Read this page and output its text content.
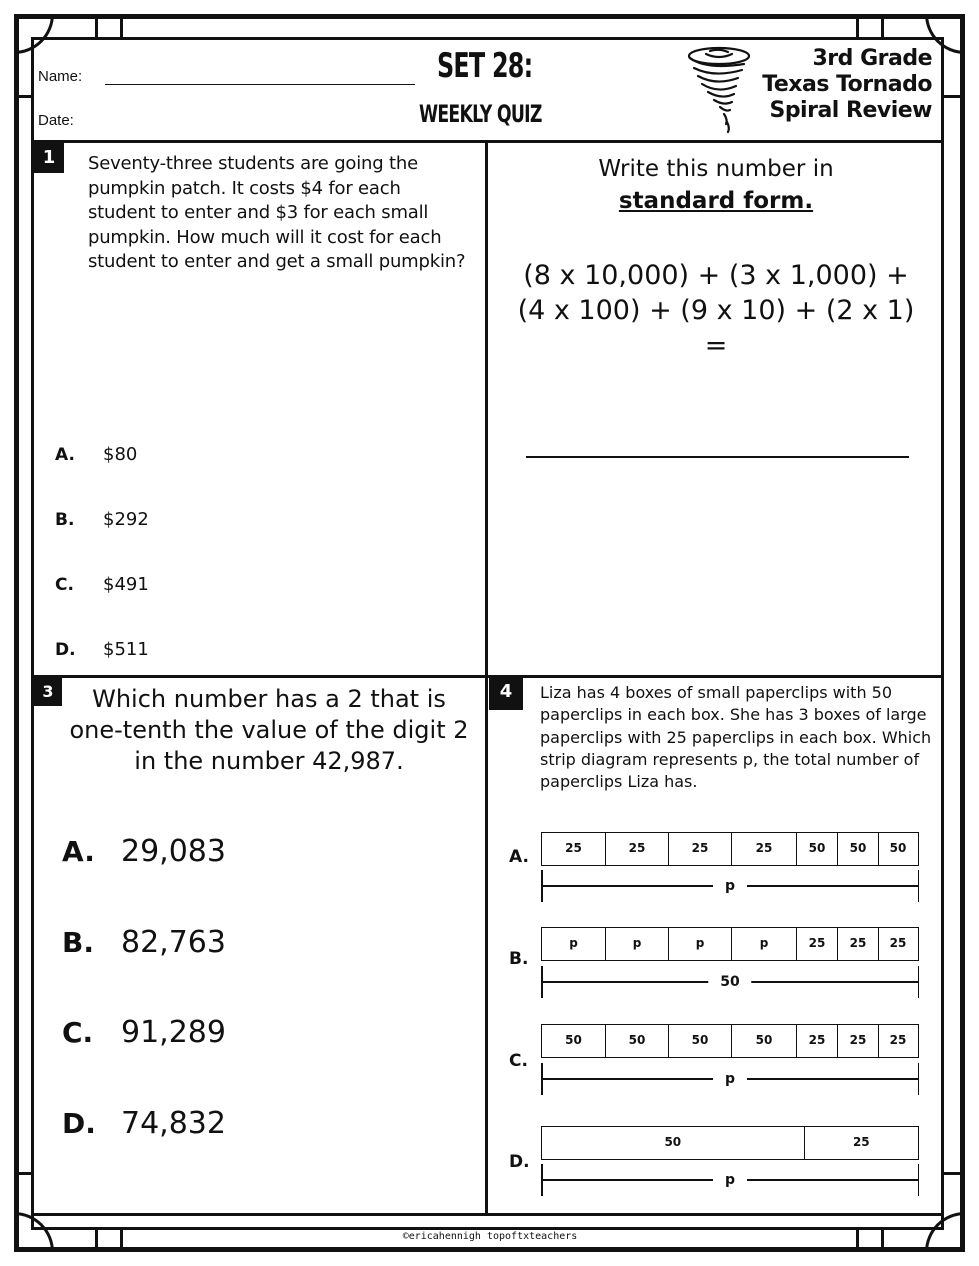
Name:
Date:
SET 28:
WEEKLY QUIZ
3rd Grade
Texas Tornado
Spiral Review
1	Seventy-three students are going the pumpkin patch. It costs $4 for each student to enter and $3 for each small pumpkin. How much will it cost for each student to enter and get a small pumpkin?
A. $80
B. $292
C. $491
D. $511
Write this number in
standard form.
(8 x 10,000) + (3 x 1,000) + (4 x 100) + (9 x 10) + (2 x 1) =
3	Which number has a 2 that is one-tenth the value of the digit 2 in the number 42,987.
A. 29,083
B. 82,763
C. 91,289
D. 74,832
4	Liza has 4 boxes of small paperclips with 50 paperclips in each box. She has 3 boxes of large paperclips with 25 paperclips in each box. Which strip diagram represents p, the total number of paperclips Liza has.
A.	25	25	25	25	50	50	50
p
B.
p	p	p	p	25	25	25
50
C.
50	50	50	50	25	25	25
p
D.
50	25
p
©ericahennigh topoftxteachers
